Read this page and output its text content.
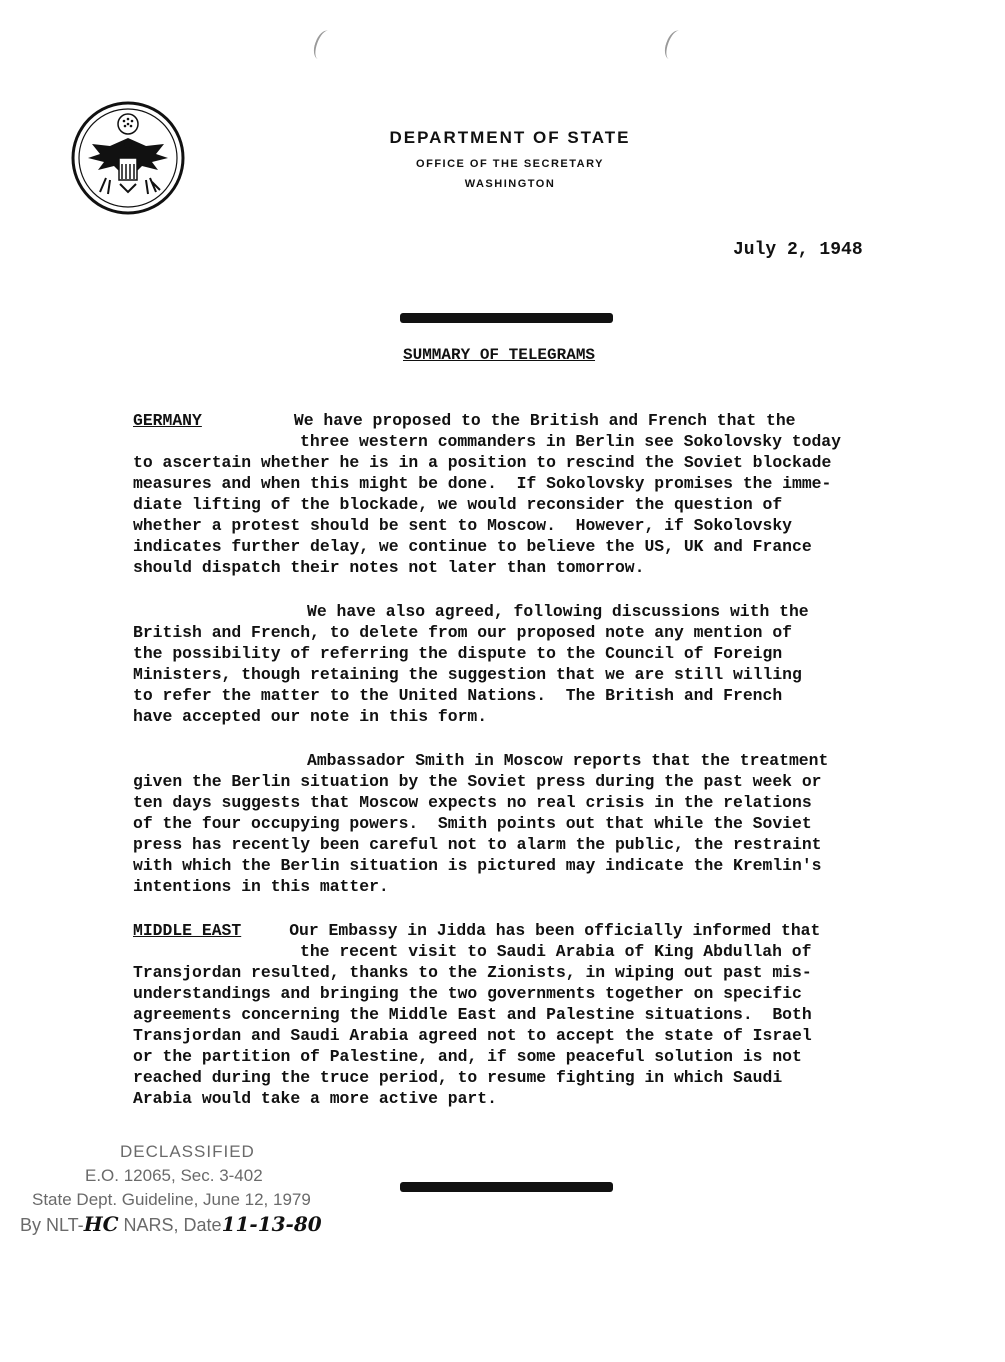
DEPARTMENT OF STATE
OFFICE OF THE SECRETARY
WASHINGTON
July 2, 1948
SUMMARY OF TELEGRAMS
GERMANY	We have proposed to the British and French that the
three western commanders in Berlin see Sokolovsky today
to ascertain whether he is in a position to rescind the Soviet blockade
measures and when this might be done.  If Sokolovsky promises the imme-
diate lifting of the blockade, we would reconsider the question of
whether a protest should be sent to Moscow.  However, if Sokolovsky
indicates further delay, we continue to believe the US, UK and France
should dispatch their notes not later than tomorrow.
We have also agreed, following discussions with the
British and French, to delete from our proposed note any mention of
the possibility of referring the dispute to the Council of Foreign
Ministers, though retaining the suggestion that we are still willing
to refer the matter to the United Nations.  The British and French
have accepted our note in this form.
Ambassador Smith in Moscow reports that the treatment
given the Berlin situation by the Soviet press during the past week or
ten days suggests that Moscow expects no real crisis in the relations
of the four occupying powers.  Smith points out that while the Soviet
press has recently been careful not to alarm the public, the restraint
with which the Berlin situation is pictured may indicate the Kremlin's
intentions in this matter.
MIDDLE EAST	Our Embassy in Jidda has been officially informed that
the recent visit to Saudi Arabia of King Abdullah of
Transjordan resulted, thanks to the Zionists, in wiping out past mis-
understandings and bringing the two governments together on specific
agreements concerning the Middle East and Palestine situations.  Both
Transjordan and Saudi Arabia agreed not to accept the state of Israel
or the partition of Palestine, and, if some peaceful solution is not
reached during the truce period, to resume fighting in which Saudi
Arabia would take a more active part.
DECLASSIFIED
E.O. 12065, Sec. 3-402
State Dept. Guideline, June 12, 1979
By NLT-HC NARS, Date11-13-80
